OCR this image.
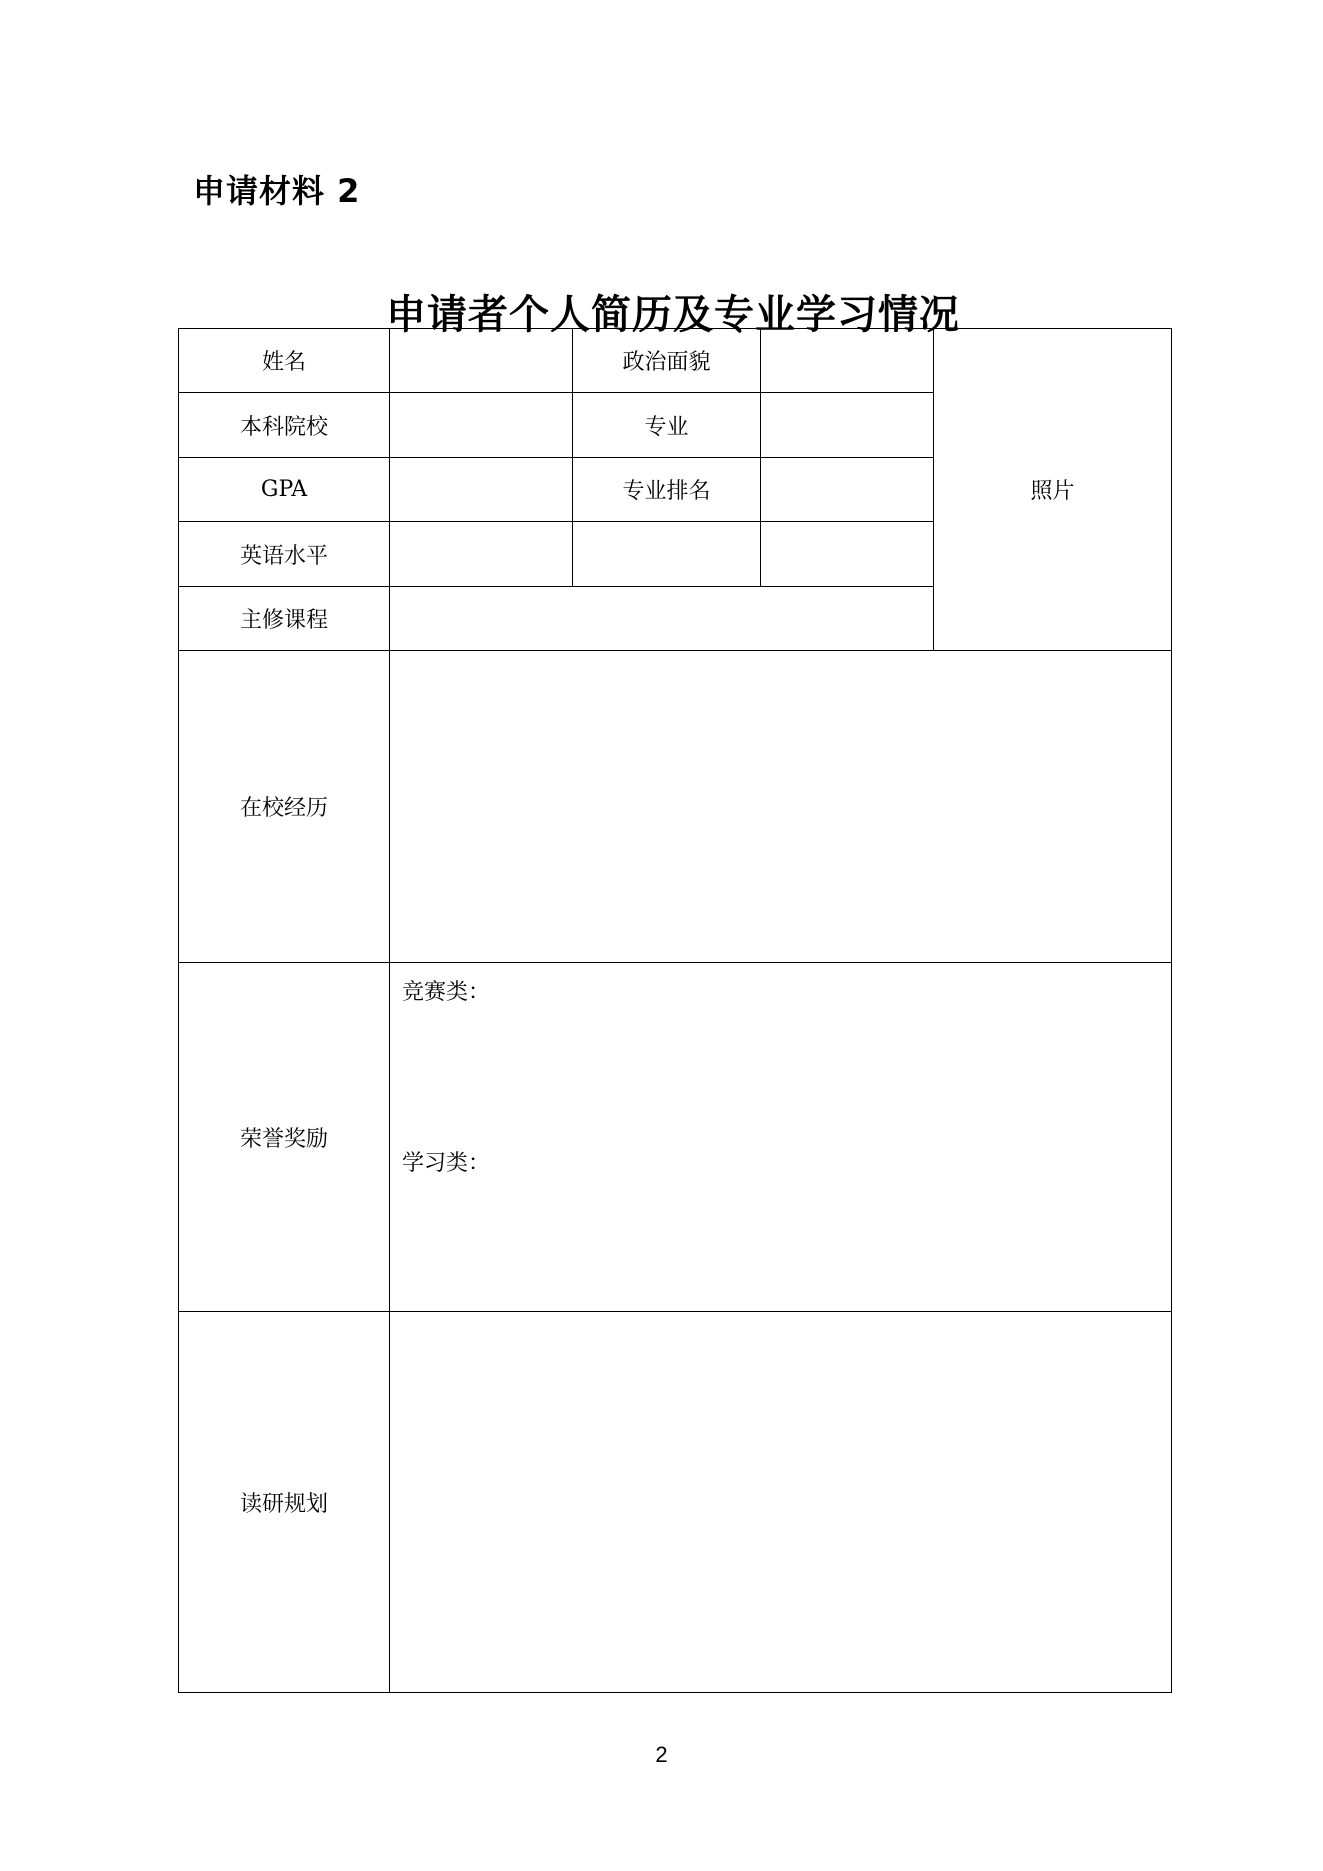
申请材料 2
申请者个人简历及专业学习情况
姓名		政治面貌		照片
本科院校		专业		
GPA		专业排名		
英语水平				
主修课程				
在校经历				
荣誉奖励	竞赛类：
学习类：			

读研规划				
2
